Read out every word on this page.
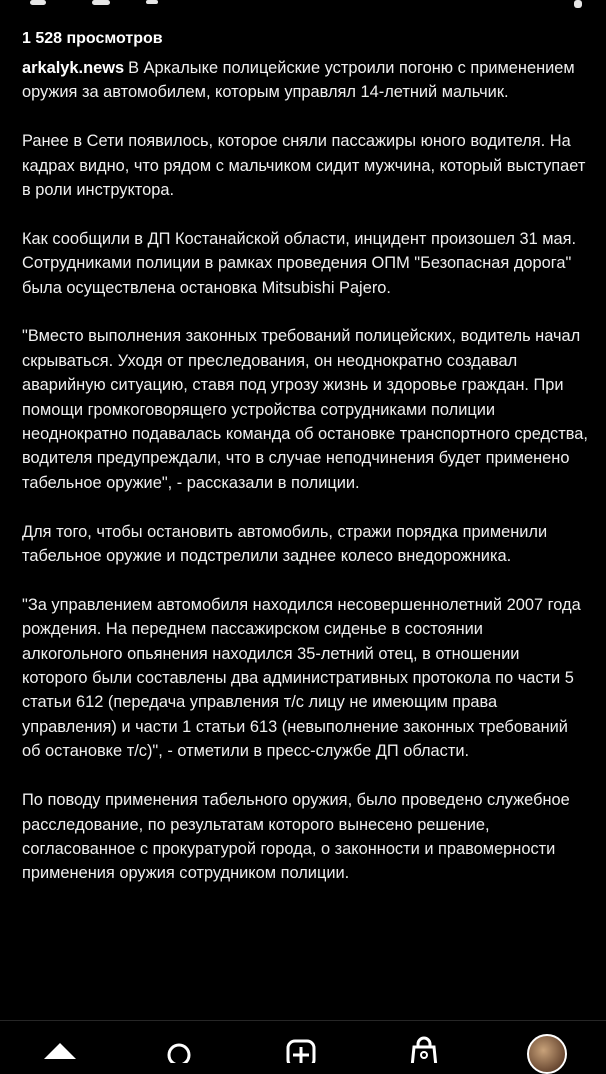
1 528 просмотров

arkalyk.news В Аркалыке полицейские устроили погоню с применением оружия за автомобилем, которым управлял 14-летний мальчик.

Ранее в Сети появилось, которое сняли пассажиры юного водителя. На кадрах видно, что рядом с мальчиком сидит мужчина, который выступает в роли инструктора.

Как сообщили в ДП Костанайской области, инцидент произошел 31 мая. Сотрудниками полиции в рамках проведения ОПМ "Безопасная дорога" была осуществлена остановка Mitsubishi Pajero.

"Вместо выполнения законных требований полицейских, водитель начал скрываться. Уходя от преследования, он неоднократно создавал аварийную ситуацию, ставя под угрозу жизнь и здоровье граждан. При помощи громкоговорящего устройства сотрудниками полиции неоднократно подавалась команда об остановке транспортного средства, водителя предупреждали, что в случае неподчинения будет применено табельное оружие", - рассказали в полиции.

Для того, чтобы остановить автомобиль, стражи порядка применили табельное оружие и подстрелили заднее колесо внедорожника.

"За управлением автомобиля находился несовершеннолетний 2007 года рождения. На переднем пассажирском сиденье в состоянии алкогольного опьянения находился 35-летний отец, в отношении которого были составлены два административных протокола по части 5 статьи 612 (передача управления т/с лицу не имеющим права управления) и части 1 статьи 613 (невыполнение законных требований об остановке т/с)", - отметили в пресс-службе ДП области.

По поводу применения табельного оружия, было проведено служебное расследование, по результатам которого вынесено решение, согласованное с прокуратурой города, о законности и правомерности применения оружия сотрудником полиции.
